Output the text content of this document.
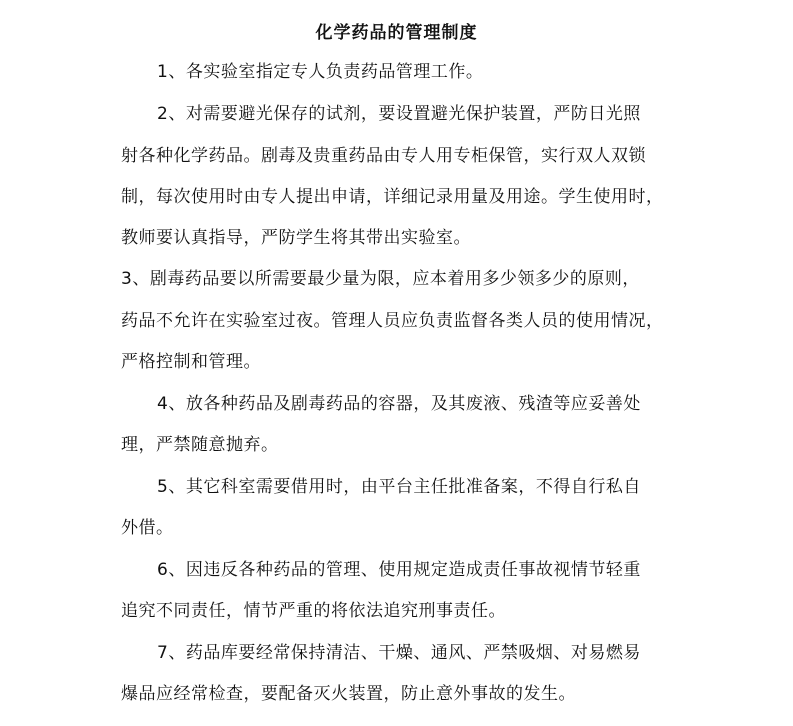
化学药品的管理制度
1、各实验室指定专人负责药品管理工作。
2、对需要避光保存的试剂，要设置避光保护装置，严防日光照
射各种化学药品。剧毒及贵重药品由专人用专柜保管，实行双人双锁
制，每次使用时由专人提出申请，详细记录用量及用途。学生使用时，
教师要认真指导，严防学生将其带出实验室。
3、剧毒药品要以所需要最少量为限，应本着用多少领多少的原则，
药品不允许在实验室过夜。管理人员应负责监督各类人员的使用情况，
严格控制和管理。
4、放各种药品及剧毒药品的容器，及其废液、残渣等应妥善处
理，严禁随意抛弃。
5、其它科室需要借用时，由平台主任批准备案，不得自行私自
外借。
6、因违反各种药品的管理、使用规定造成责任事故视情节轻重
追究不同责任，情节严重的将依法追究刑事责任。
7、药品库要经常保持清洁、干燥、通风、严禁吸烟、对易燃易
爆品应经常检查，要配备灭火装置，防止意外事故的发生。
